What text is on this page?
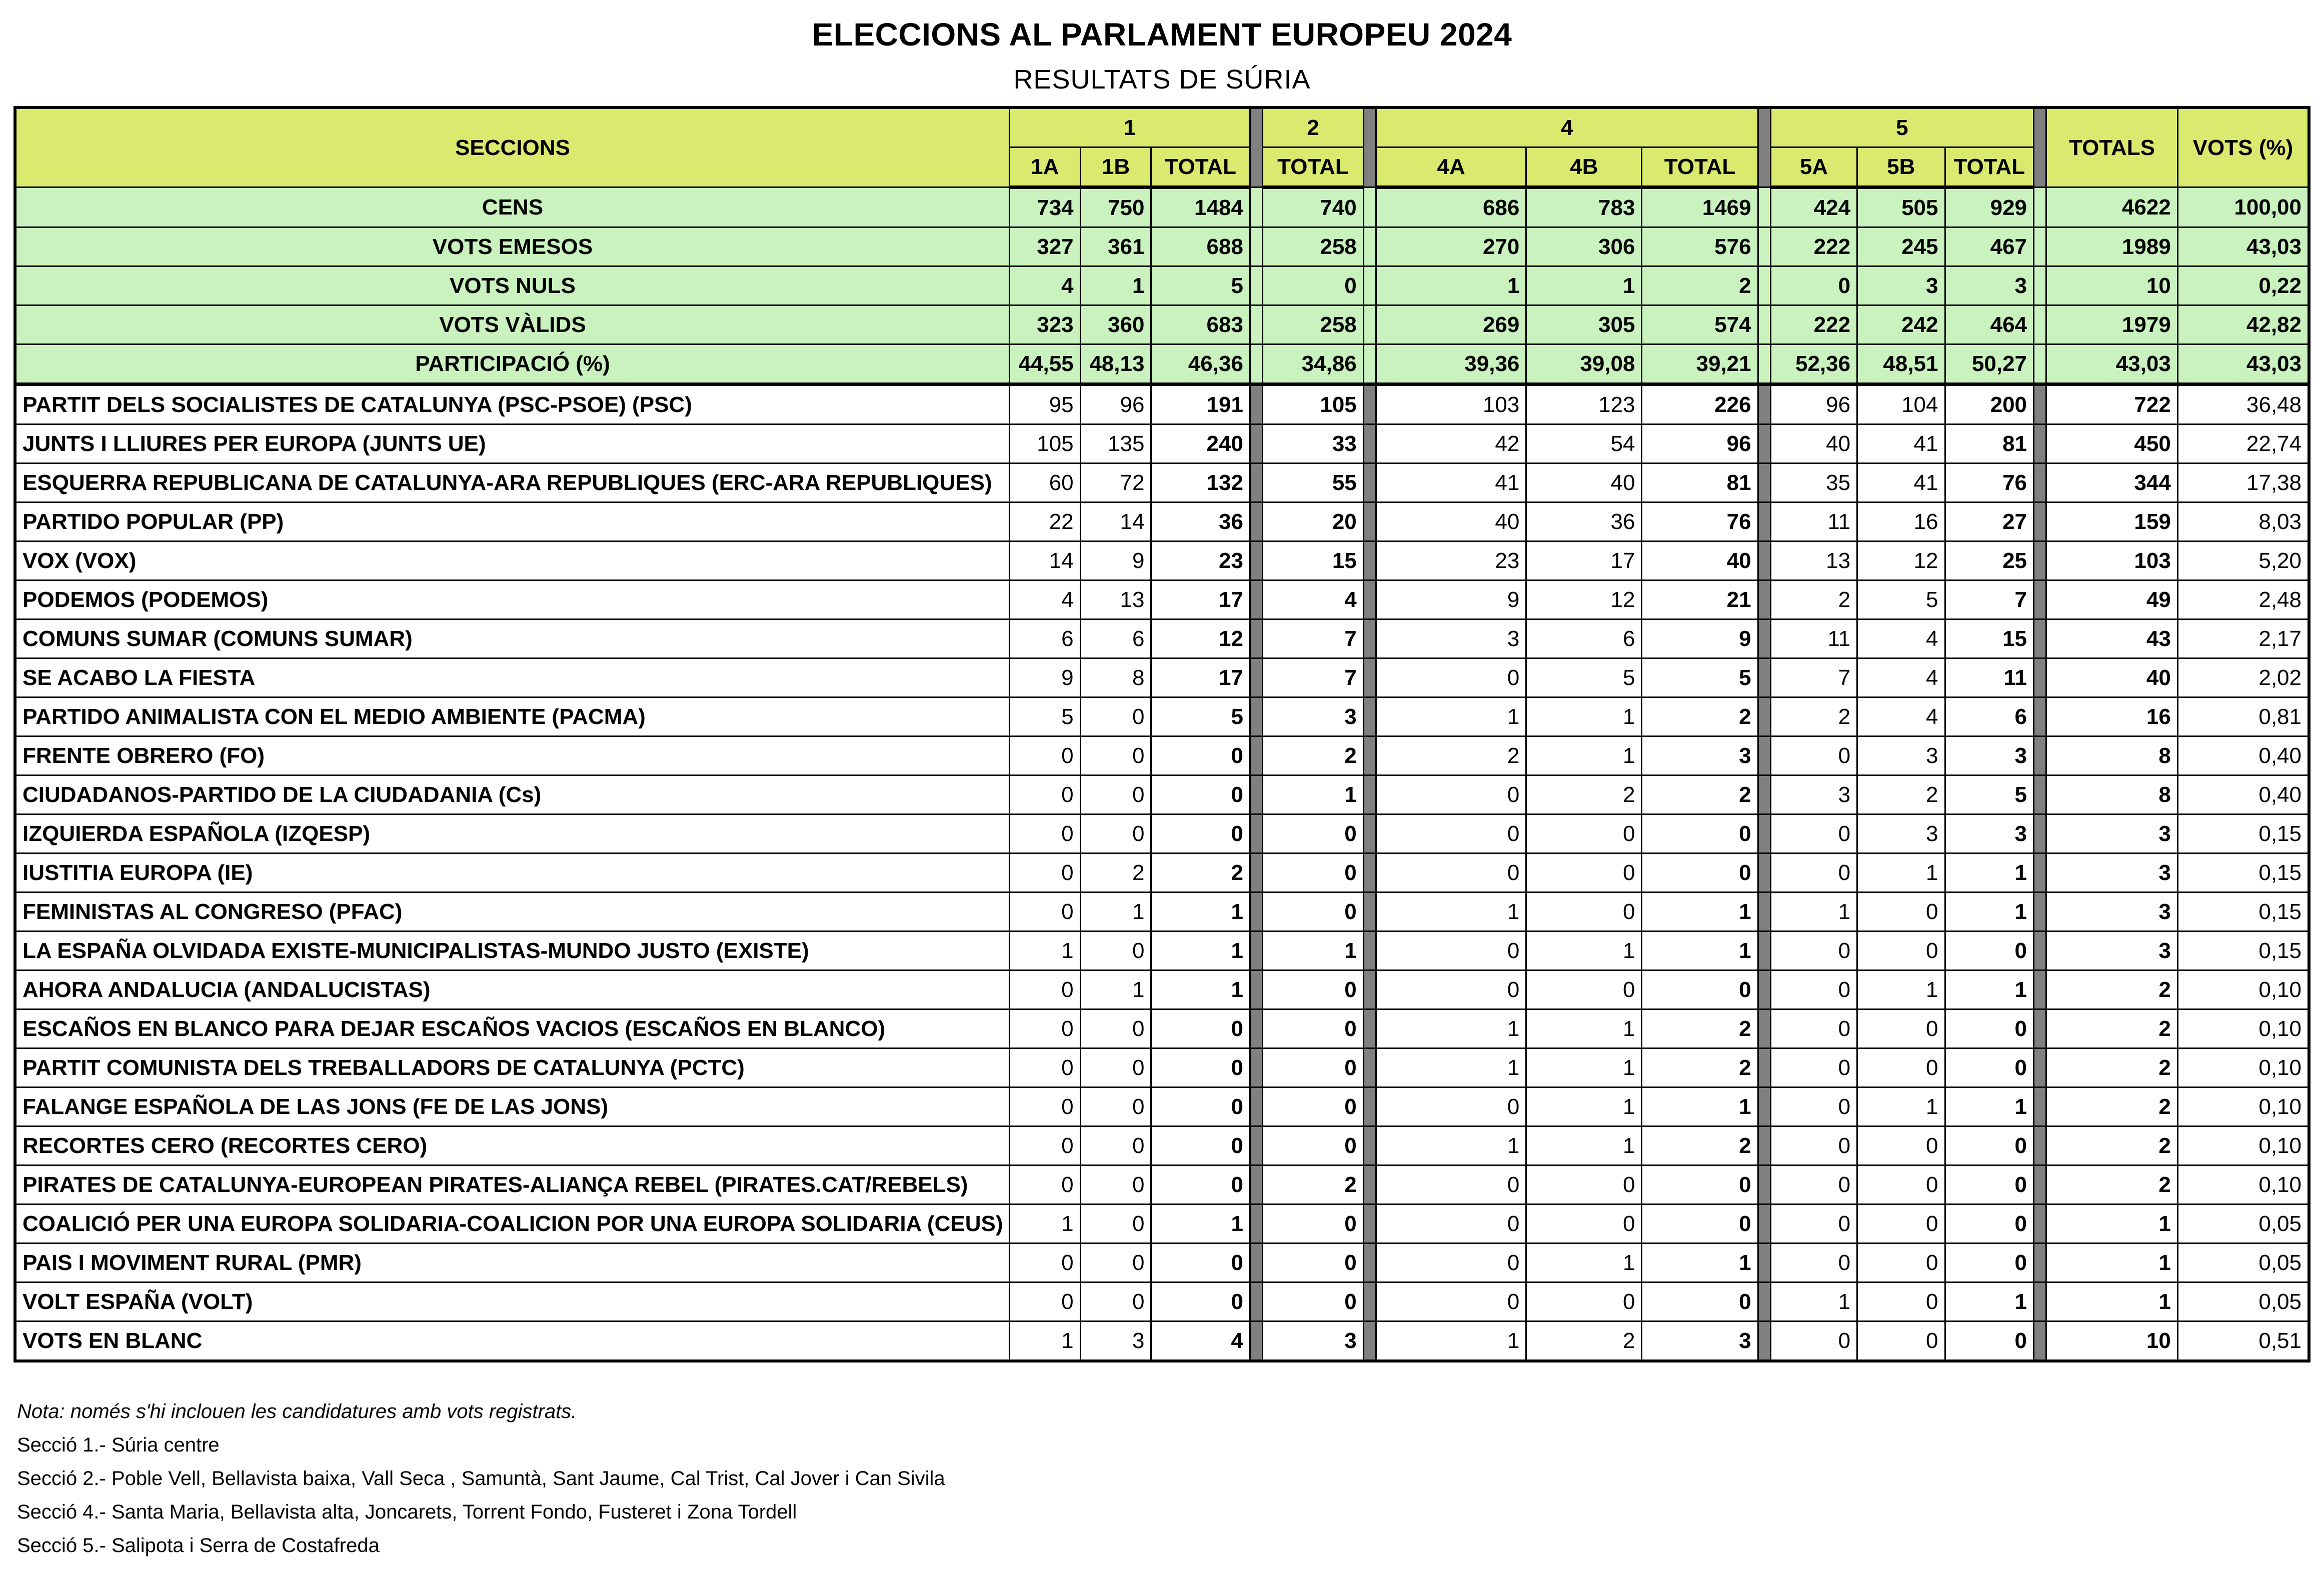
ELECCIONS AL PARLAMENT EUROPEU 2024
RESULTATS DE SÚRIA
SECCIONS	1				2		4				5				TOTALS	VOTS (%)
	1A	1B	TOTAL		TOTAL		4A	4B	TOTAL		5A	5B	TOTAL			
CENS	734	750	1484		740		686	783	1469		424	505	929		4622	100,00
VOTS EMESOS	327	361	688		258		270	306	576		222	245	467		1989	43,03
VOTS NULS	4	1	5		0		1	1	2		0	3	3		10	0,22
VOTS VÀLIDS	323	360	683		258		269	305	574		222	242	464		1979	42,82
PARTICIPACIÓ (%)	44,55	48,13	46,36		34,86		39,36	39,08	39,21		52,36	48,51	50,27		43,03	43,03
PARTIT DELS SOCIALISTES DE CATALUNYA (PSC-PSOE) (PSC)	95	96	191		105		103	123	226		96	104	200		722	36,48
JUNTS I LLIURES PER EUROPA (JUNTS UE)	105	135	240		33		42	54	96		40	41	81		450	22,74
ESQUERRA REPUBLICANA DE CATALUNYA-ARA REPUBLIQUES (ERC-ARA REPUBLIQUES)	60	72	132		55		41	40	81		35	41	76		344	17,38
PARTIDO POPULAR (PP)	22	14	36		20		40	36	76		11	16	27		159	8,03
VOX (VOX)	14	9	23		15		23	17	40		13	12	25		103	5,20
PODEMOS (PODEMOS)	4	13	17		4		9	12	21		2	5	7		49	2,48
COMUNS SUMAR (COMUNS SUMAR)	6	6	12		7		3	6	9		11	4	15		43	2,17
SE ACABO LA FIESTA	9	8	17		7		0	5	5		7	4	11		40	2,02
PARTIDO ANIMALISTA CON EL MEDIO AMBIENTE (PACMA)	5	0	5		3		1	1	2		2	4	6		16	0,81
FRENTE OBRERO (FO)	0	0	0		2		2	1	3		0	3	3		8	0,40
CIUDADANOS-PARTIDO DE LA CIUDADANIA (Cs)	0	0	0		1		0	2	2		3	2	5		8	0,40
IZQUIERDA ESPAÑOLA (IZQESP)	0	0	0		0		0	0	0		0	3	3		3	0,15
IUSTITIA EUROPA (IE)	0	2	2		0		0	0	0		0	1	1		3	0,15
FEMINISTAS AL CONGRESO (PFAC)	0	1	1		0		1	0	1		1	0	1		3	0,15
LA ESPAÑA OLVIDADA EXISTE-MUNICIPALISTAS-MUNDO JUSTO (EXISTE)	1	0	1		1		0	1	1		0	0	0		3	0,15
AHORA ANDALUCIA (ANDALUCISTAS)	0	1	1		0		0	0	0		0	1	1		2	0,10
ESCAÑOS EN BLANCO PARA DEJAR ESCAÑOS VACIOS (ESCAÑOS EN BLANCO)	0	0	0		0		1	1	2		0	0	0		2	0,10
PARTIT COMUNISTA DELS TREBALLADORS DE CATALUNYA (PCTC)	0	0	0		0		1	1	2		0	0	0		2	0,10
FALANGE ESPAÑOLA DE LAS JONS (FE DE LAS JONS)	0	0	0		0		0	1	1		0	1	1		2	0,10
RECORTES CERO (RECORTES CERO)	0	0	0		0		1	1	2		0	0	0		2	0,10
PIRATES DE CATALUNYA-EUROPEAN PIRATES-ALIANÇA REBEL (PIRATES.CAT/REBELS)	0	0	0		2		0	0	0		0	0	0		2	0,10
COALICIÓ PER UNA EUROPA SOLIDARIA-COALICION POR UNA EUROPA SOLIDARIA (CEUS)	1	0	1		0		0	0	0		0	0	0		1	0,05
PAIS I MOVIMENT RURAL (PMR)	0	0	0		0		0	1	1		0	0	0		1	0,05
VOLT ESPAÑA (VOLT)	0	0	0		0		0	0	0		1	0	1		1	0,05
VOTS EN BLANC	1	3	4		3		1	2	3		0	0	0		10	0,51
Nota: només s'hi inclouen les candidatures amb vots registrats.
Secció 1.- Súria centre
Secció 2.- Poble Vell, Bellavista baixa, Vall Seca , Samuntà, Sant Jaume, Cal Trist, Cal Jover i Can Sivila
Secció 4.- Santa Maria, Bellavista alta, Joncarets, Torrent Fondo, Fusteret i Zona Tordell
Secció 5.- Salipota i Serra de Costafreda
